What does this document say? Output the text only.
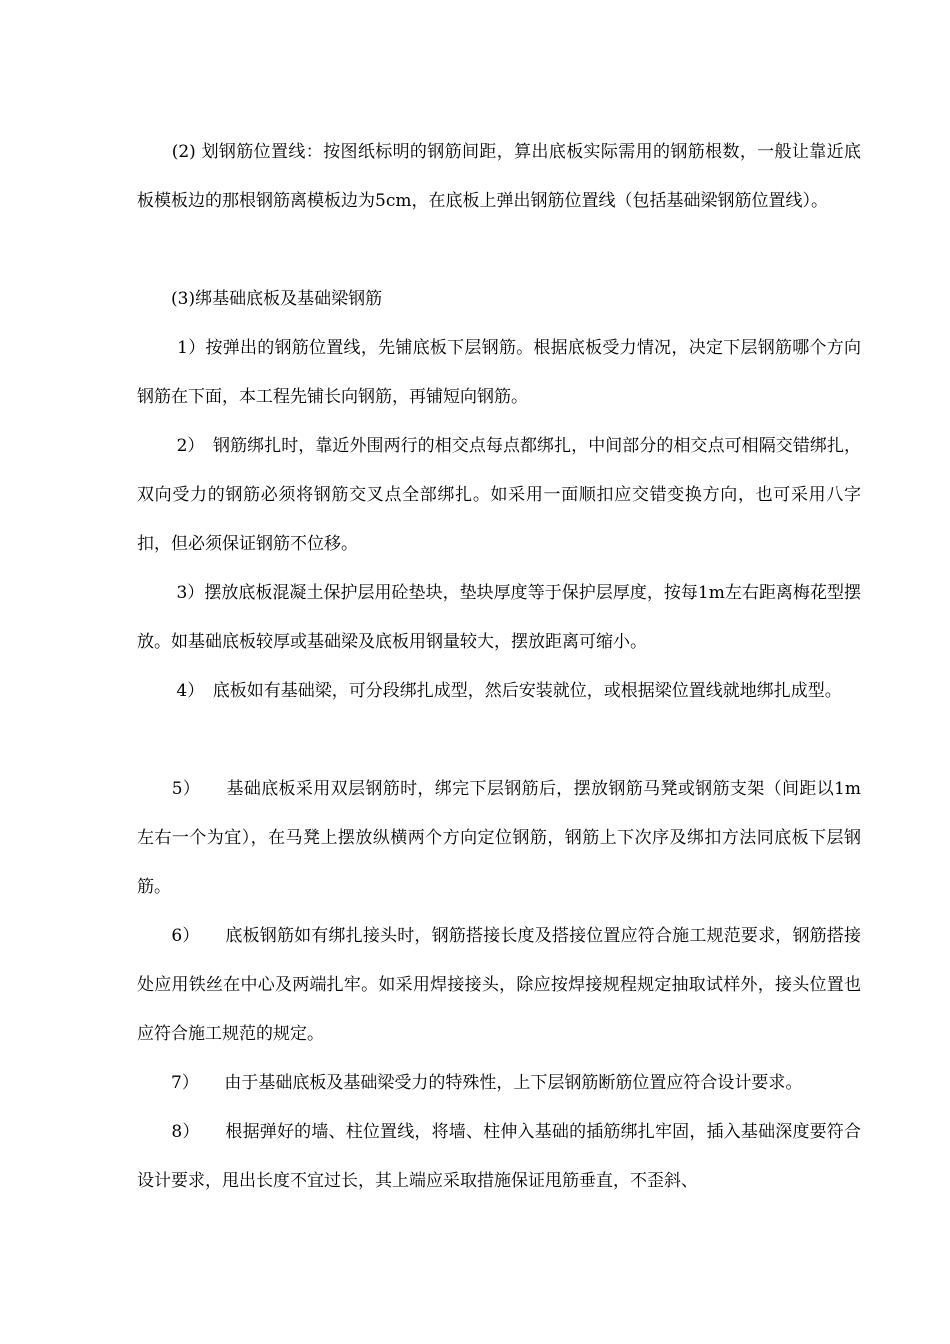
　　(2) 划钢筋位置线：按图纸标明的钢筋间距，算出底板实际需用的钢筋根数，一般让靠近底板模板边的那根钢筋离模板边为5cm，在底板上弹出钢筋位置线（包括基础梁钢筋位置线）。

　　(3)绑基础底板及基础梁钢筋

　　 1）按弹出的钢筋位置线，先铺底板下层钢筋。根据底板受力情况，决定下层钢筋哪个方向钢筋在下面，本工程先铺长向钢筋，再铺短向钢筋。

　　 2）　钢筋绑扎时，靠近外围两行的相交点每点都绑扎，中间部分的相交点可相隔交错绑扎，双向受力的钢筋必须将钢筋交叉点全部绑扎。如采用一面顺扣应交错变换方向，也可采用八字扣，但必须保证钢筋不位移。

　　 3）摆放底板混凝土保护层用砼垫块，垫块厚度等于保护层厚度，按每1m左右距离梅花型摆放。如基础底板较厚或基础梁及底板用钢量较大，摆放距离可缩小。

　　 4）　底板如有基础梁，可分段绑扎成型，然后安装就位，或根据梁位置线就地绑扎成型。

　　5）　　基础底板采用双层钢筋时，绑完下层钢筋后，摆放钢筋马凳或钢筋支架（间距以1m左右一个为宜），在马凳上摆放纵横两个方向定位钢筋，钢筋上下次序及绑扣方法同底板下层钢筋。

　　6）　　底板钢筋如有绑扎接头时，钢筋搭接长度及搭接位置应符合施工规范要求，钢筋搭接处应用铁丝在中心及两端扎牢。如采用焊接接头，除应按焊接规程规定抽取试样外，接头位置也应符合施工规范的规定。

　　7）　　由于基础底板及基础梁受力的特殊性，上下层钢筋断筋位置应符合设计要求。

　　8）　　根据弹好的墙、柱位置线，将墙、柱伸入基础的插筋绑扎牢固，插入基础深度要符合设计要求，甩出长度不宜过长，其上端应采取措施保证甩筋垂直，不歪斜、
